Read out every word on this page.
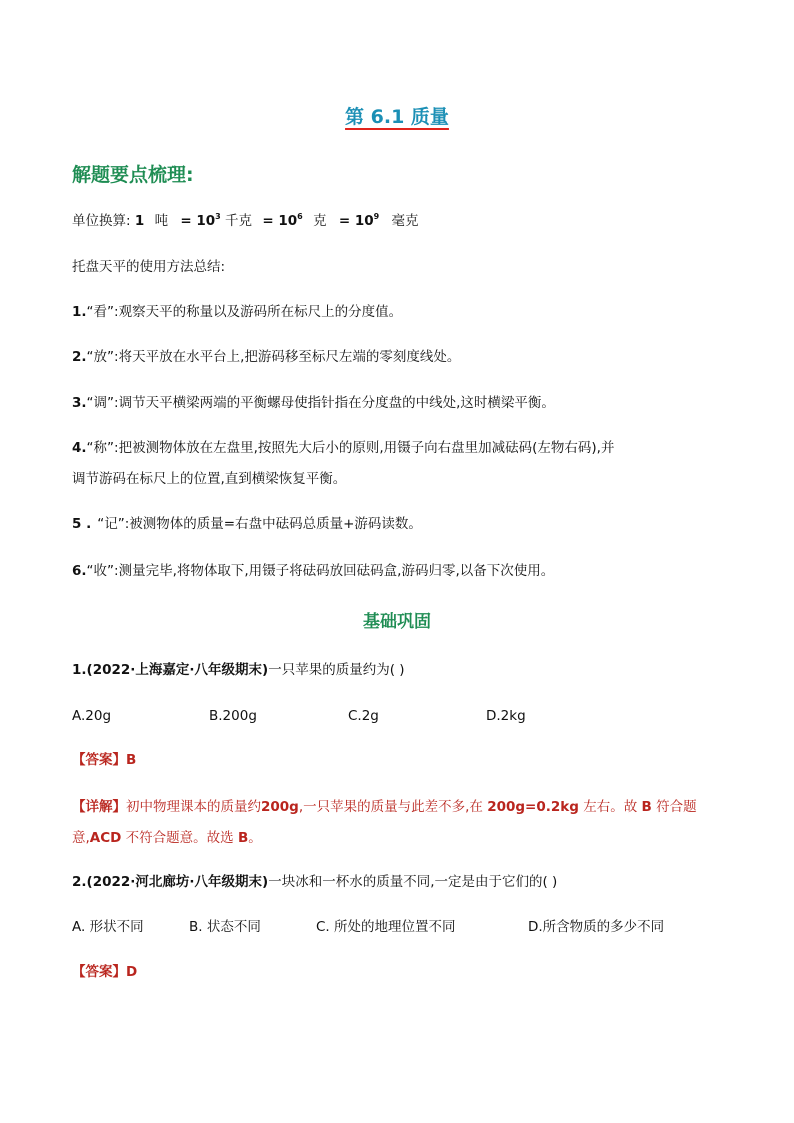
第 6.1 质量
解题要点梳理:
单位换算: 1 吨 = $10^3$ 千克 = $10^6$ 克 = $10^9$ 毫克
托盘天平的使用方法总结:
1.“看”:观察天平的称量以及游码所在标尺上的分度值。
2.“放”:将天平放在水平台上,把游码移至标尺左端的零刻度线处。
3.“调”:调节天平横梁两端的平衡螺母使指针指在分度盘的中线处,这时横梁平衡。
4.“称”:把被测物体放在左盘里,按照先大后小的原则,用镊子向右盘里加减砝码(左物右码),并
调节游码在标尺上的位置,直到横梁恢复平衡。
5 . “记”:被测物体的质量=右盘中砝码总质量+游码读数。
6.“收”:测量完毕,将物体取下,用镊子将砝码放回砝码盒,游码归零,以备下次使用。
基础巩固
1.(2022·上海嘉定·八年级期末)一只苹果的质量约为( )
A.20g	B.200g	C.2g	D.2kg
【答案】B
【详解】初中物理课本的质量约200g,一只苹果的质量与此差不多,在 200g=0.2kg 左右。故 B 符合题
意,ACD 不符合题意。故选 B。
2.(2022·河北廊坊·八年级期末)一块冰和一杯水的质量不同,一定是由于它们的( )
A. 形状不同	B. 状态不同	C. 所处的地理位置不同	D.所含物质的多少不同
【答案】D
